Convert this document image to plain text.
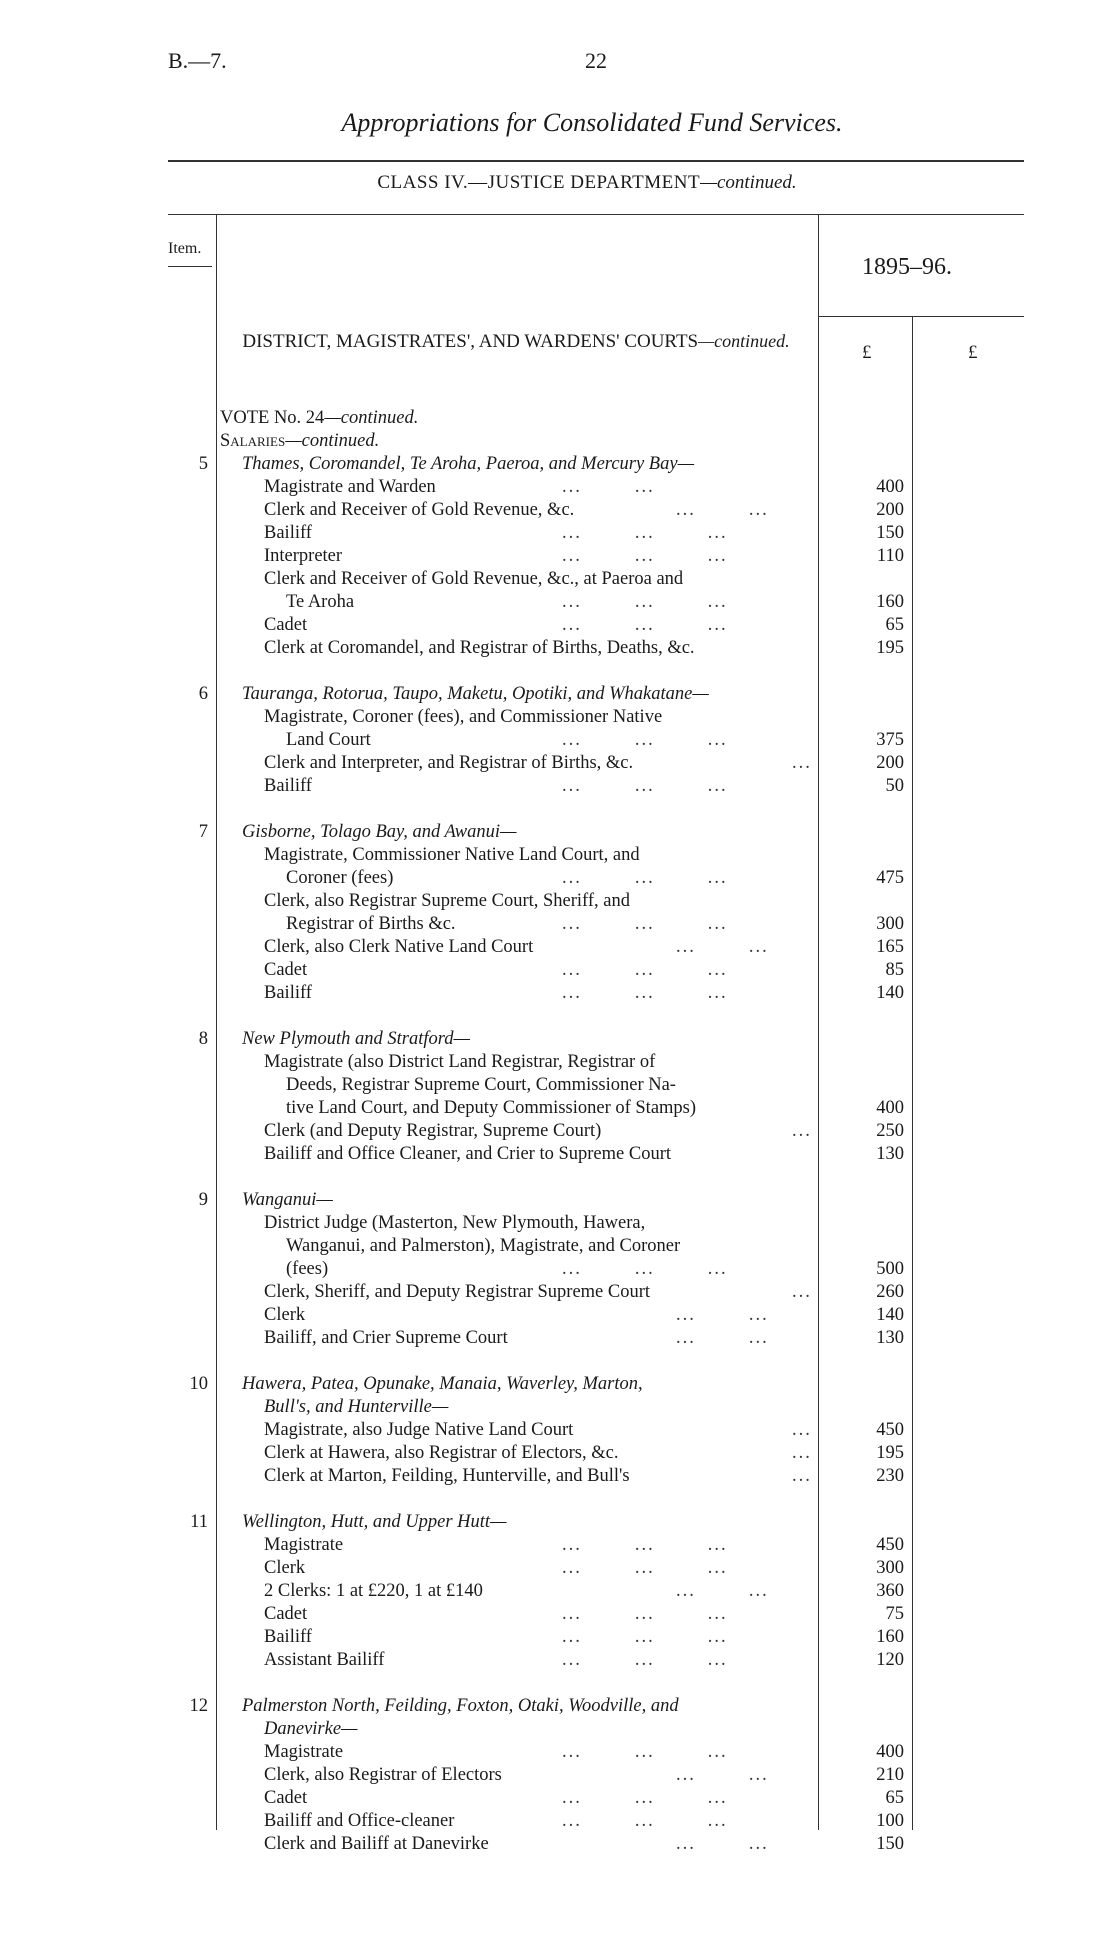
B.—7.	22
Appropriations for Consolidated Fund Services.
CLASS IV.—JUSTICE DEPARTMENT—continued.
Item.
1895–96.
£	£
DISTRICT, MAGISTRATES', AND WARDENS' COURTS—continued.
VOTE No. 24—continued.
Salaries—continued.
5 Thames, Coromandel, Te Aroha, Paeroa, and Mercury Bay—
Magistrate and Warden	...        ...	400
Clerk and Receiver of Gold Revenue, &c.	...        ...	200
Bailiff	...        ...        ...	150
Interpreter	...        ...        ...	110
Clerk and Receiver of Gold Revenue, &c., at Paeroa and
Te Aroha	...        ...        ...	160
Cadet	...        ...        ...	65
Clerk at Coromandel, and Registrar of Births, Deaths, &c.	195
6 Tauranga, Rotorua, Taupo, Maketu, Opotiki, and Whakatane—
Magistrate, Coroner (fees), and Commissioner Native
Land Court	...        ...        ...	375
Clerk and Interpreter, and Registrar of Births, &c.	...	200
Bailiff	...        ...        ...	50
7 Gisborne, Tolago Bay, and Awanui—
Magistrate, Commissioner Native Land Court, and
Coroner (fees)	...        ...        ...	475
Clerk, also Registrar Supreme Court, Sheriff, and
Registrar of Births &c.	...        ...        ...	300
Clerk, also Clerk Native Land Court	...        ...	165
Cadet	...        ...        ...	85
Bailiff	...        ...        ...	140
8 New Plymouth and Stratford—
Magistrate (also District Land Registrar, Registrar of
Deeds, Registrar Supreme Court, Commissioner Na-
tive Land Court, and Deputy Commissioner of Stamps)	400
Clerk (and Deputy Registrar, Supreme Court)	...	250
Bailiff and Office Cleaner, and Crier to Supreme Court	130
9 Wanganui—
District Judge (Masterton, New Plymouth, Hawera,
Wanganui, and Palmerston), Magistrate, and Coroner
(fees)	...        ...        ...	500
Clerk, Sheriff, and Deputy Registrar Supreme Court	...	260
Clerk	...        ...	140
Bailiff, and Crier Supreme Court	...        ...	130
10 Hawera, Patea, Opunake, Manaia, Waverley, Marton,
Bull's, and Hunterville—
Magistrate, also Judge Native Land Court	...	450
Clerk at Hawera, also Registrar of Electors, &c.	...	195
Clerk at Marton, Feilding, Hunterville, and Bull's	...	230
11 Wellington, Hutt, and Upper Hutt—
Magistrate	...        ...        ...	450
Clerk	...        ...        ...	300
2 Clerks: 1 at £220, 1 at £140	...        ...	360
Cadet	...        ...        ...	75
Bailiff	...        ...        ...	160
Assistant Bailiff	...        ...        ...	120
12 Palmerston North, Feilding, Foxton, Otaki, Woodville, and
Danevirke—
Magistrate	...        ...        ...	400
Clerk, also Registrar of Electors	...        ...	210
Cadet	...        ...        ...	65
Bailiff and Office-cleaner	...        ...        ...	100
Clerk and Bailiff at Danevirke	...        ...	150
